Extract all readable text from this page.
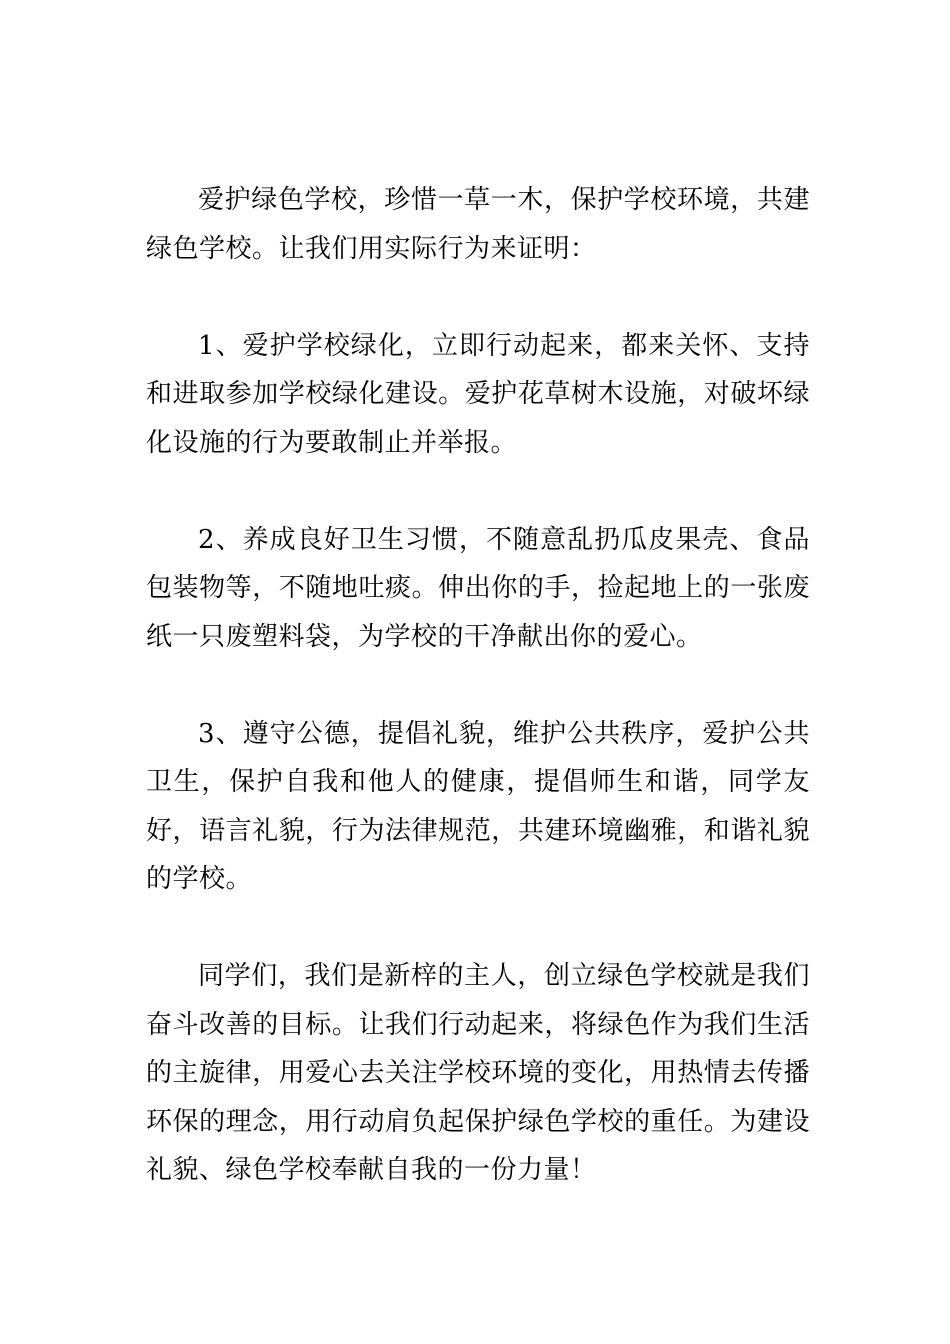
爱护绿色学校，珍惜一草一木，保护学校环境，共建绿色学校。让我们用实际行为来证明：

1、爱护学校绿化，立即行动起来，都来关怀、支持和进取参加学校绿化建设。爱护花草树木设施，对破坏绿化设施的行为要敢制止并举报。

2、养成良好卫生习惯，不随意乱扔瓜皮果壳、食品包装物等，不随地吐痰。伸出你的手，捡起地上的一张废纸一只废塑料袋，为学校的干净献出你的爱心。

3、遵守公德，提倡礼貌，维护公共秩序，爱护公共卫生，保护自我和他人的健康，提倡师生和谐，同学友好，语言礼貌，行为法律规范，共建环境幽雅，和谐礼貌的学校。

同学们，我们是新梓的主人，创立绿色学校就是我们奋斗改善的目标。让我们行动起来，将绿色作为我们生活的主旋律，用爱心去关注学校环境的变化，用热情去传播环保的理念，用行动肩负起保护绿色学校的重任。为建设礼貌、绿色学校奉献自我的一份力量！
